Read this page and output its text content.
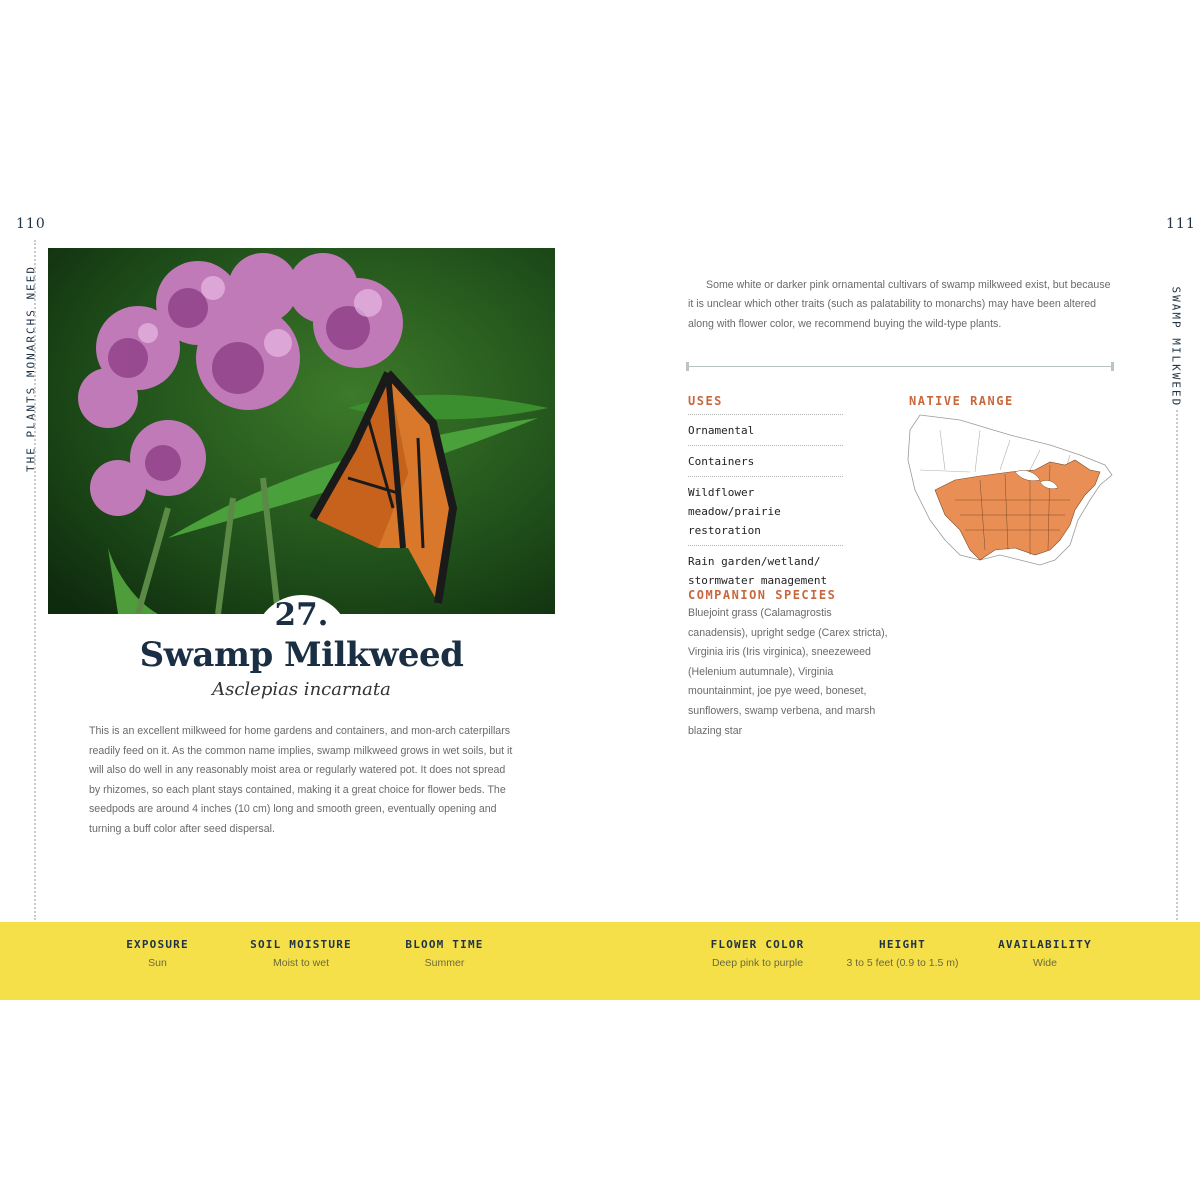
110
THE PLANTS MONARCHS NEED
27.
Swamp Milkweed
Asclepias incarnata
This is an excellent milkweed for home gardens and containers, and mon-arch caterpillars readily feed on it. As the common name implies, swamp milkweed grows in wet soils, but it will also do well in any reasonably moist area or regularly watered pot. It does not spread by rhizomes, so each plant stays contained, making it a great choice for flower beds. The seedpods are around 4 inches (10 cm) long and smooth green, eventually opening and turning a buff color after seed dispersal.
111
SWAMP MILKWEED
Some white or darker pink ornamental cultivars of swamp milkweed exist, but because it is unclear which other traits (such as palatability to monarchs) may have been altered along with flower color, we recommend buying the wild-type plants.
USES
Ornamental
Containers
Wildflower meadow/prairie restoration
Rain garden/wetland/ stormwater management
NATIVE RANGE
COMPANION SPECIES
Bluejoint grass (Calamagrostis canadensis), upright sedge (Carex stricta), Virginia iris (Iris virginica), sneezeweed (Helenium autumnale), Virginia mountainmint, joe pye weed, boneset, sunflowers, swamp verbena, and marsh blazing star
EXPOSURE
Sun
SOIL MOISTURE
Moist to wet
BLOOM TIME
Summer
FLOWER COLOR
Deep pink to purple
HEIGHT
3 to 5 feet (0.9 to 1.5 m)
AVAILABILITY
Wide
